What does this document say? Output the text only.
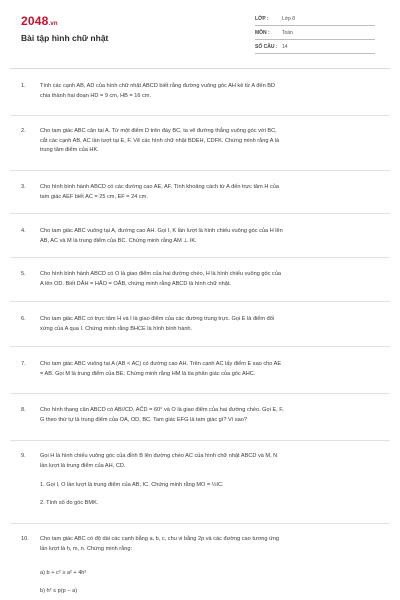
2048.vn
Bài tập hình chữ nhật
LỚP :	Lớp 8
MÔN : Toán
SỐ CÂU : 14
1.	Tính các cạnh AB, AD của hình chữ nhật ABCD biết rằng đường vuông góc AH kẻ từ A đến BD
chia thành hai đoạn HD = 9 cm, HB = 16 cm.
2.	Cho tam giác ABC cân tại A. Từ một điểm D trên đáy BC, ta vẽ đường thẳng vuông góc với BC,
cắt các cạnh AB, AC lần lượt tại E, F. Vẽ các hình chữ nhật BDEH, CDFK. Chứng minh rằng A là
trung tâm điểm của HK.
3.	Cho hình bình hành ABCD có các đường cao AE, AF. Tính khoảng cách từ A đến trực tâm H của
tam giác AEF biết AC = 25 cm, EF = 24 cm.
4.	Cho tam giác ABC vuông tại A, đường cao AH. Gọi I, K lần lượt là hình chiếu vuông góc của H lên
AB, AC và M là trung điểm của BC. Chứng minh rằng AM ⊥ IK.
5.	Cho hình bình hành ABCD có O là giao điểm của hai đường chéo, H là hình chiếu vuông góc của
A lên OD. Biết DÂH = HÂO = OÂB, chứng minh rằng ABCD là hình chữ nhật.
6.	Cho tam giác ABC có trực tâm H và I là giao điểm của các đường trung trực. Gọi E là điểm đối
xứng của A qua I. Chứng minh rằng BHCE là hình bình hành.
7.	Cho tam giác ABC vuông tại A (AB < AC) có đường cao AH. Trên cạnh AC lấy điểm E sao cho AE
= AB. Gọi M là trung điểm của BE. Chứng minh rằng HM là tia phân giác của góc AHC.
8.	Cho hình thang cân ABCD có AB//CD, AĈD = 60° và O là giao điểm của hai đường chéo. Gọi E, F,
G theo thứ tự là trung điểm của OA, OD, BC. Tam giác EFG là tam giác gì? Vì sao?
9.	Gọi H là hình chiếu vuông góc của đỉnh B lên đường chéo AC của hình chữ nhật ABCD và M, N
lần lượt là trung điểm của AH, CD.
1. Gọi I, O lần lượt là trung điểm của AB, IC. Chứng minh rằng MO = ½IC.
2. Tính số đo góc BMK.
10. Cho tam giác ABC có độ dài các cạnh bằng a, b, c, chu vi bằng 2p và các đường cao tương ứng
lần lượt là h, m, n. Chứng minh rằng:
a) b + c² ≥ a² + 4h²
b) h² ≤ p(p − a)
